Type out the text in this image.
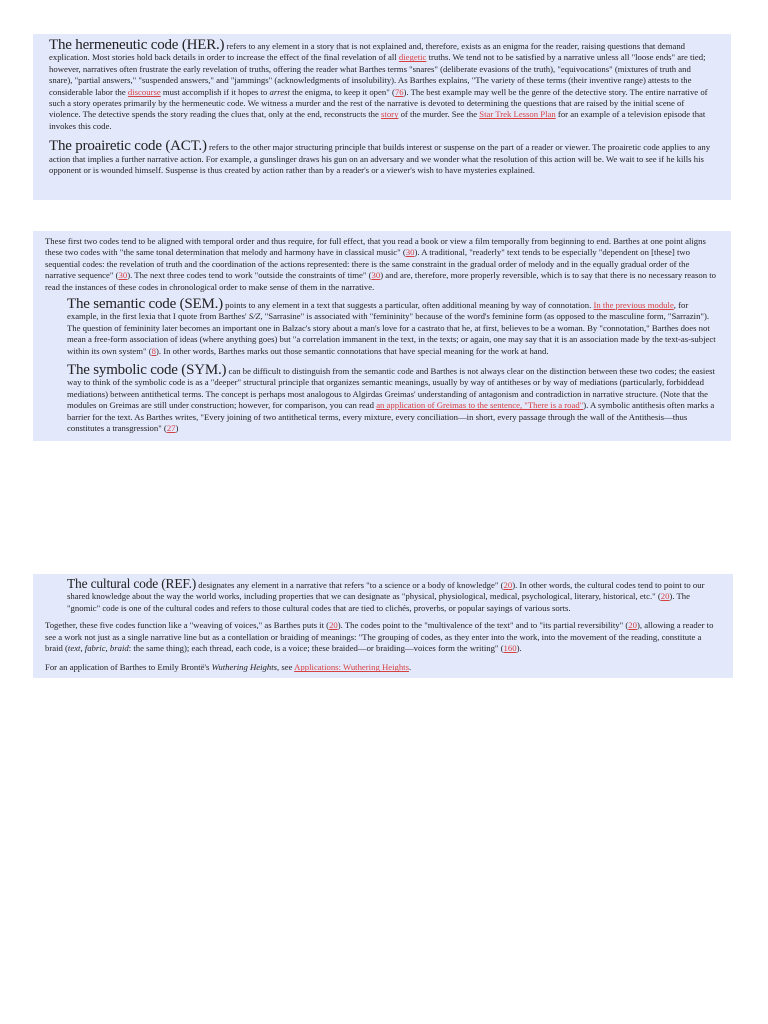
The hermeneutic code (HER.) refers to any element in a story that is not explained and, therefore, exists as an enigma for the reader, raising questions that demand explication. Most stories hold back details in order to increase the effect of the final revelation of all diegetic truths. We tend not to be satisfied by a narrative unless all "loose ends" are tied; however, narratives often frustrate the early revelation of truths, offering the reader what Barthes terms "snares" (deliberate evasions of the truth), "equivocations" (mixtures of truth and snare), "partial answers," "suspended answers," and "jammings" (acknowledgments of insolubility). As Barthes explains, "The variety of these terms (their inventive range) attests to the considerable labor the discourse must accomplish if it hopes to arrest the enigma, to keep it open" (76). The best example may well be the genre of the detective story. The entire narrative of such a story operates primarily by the hermeneutic code. We witness a murder and the rest of the narrative is devoted to determining the questions that are raised by the initial scene of violence. The detective spends the story reading the clues that, only at the end, reconstructs the story of the murder. See the Star Trek Lesson Plan for an example of a television episode that invokes this code.

The proairetic code (ACT.) refers to the other major structuring principle that builds interest or suspense on the part of a reader or viewer. The proairetic code applies to any action that implies a further narrative action. For example, a gunslinger draws his gun on an adversary and we wonder what the resolution of this action will be. We wait to see if he kills his opponent or is wounded himself. Suspense is thus created by action rather than by a reader's or a viewer's wish to have mysteries explained.

These first two codes tend to be aligned with temporal order and thus require, for full effect, that you read a book or view a film temporally from beginning to end. Barthes at one point aligns these two codes with "the same tonal determination that melody and harmony have in classical music" (30). A traditional, "readerly" text tends to be especially "dependent on [these] two sequential codes: the revelation of truth and the coordination of the actions represented: there is the same constraint in the gradual order of melody and in the equally gradual order of the narrative sequence" (30). The next three codes tend to work "outside the constraints of time" (30) and are, therefore, more properly reversible, which is to say that there is no necessary reason to read the instances of these codes in chronological order to make sense of them in the narrative.

The semantic code (SEM.) points to any element in a text that suggests a particular, often additional meaning by way of connotation. In the previous module, for example, in the first lexia that I quote from Barthes' S/Z, "Sarrasine" is associated with "femininity" because of the word's feminine form (as opposed to the masculine form, "Sarrazin"). The question of femininity later becomes an important one in Balzac's story about a man's love for a castrato that he, at first, believes to be a woman. By "connotation," Barthes does not mean a free-form association of ideas (where anything goes) but "a correlation immanent in the text, in the texts; or again, one may say that it is an association made by the text-as-subject within its own system" (8). In other words, Barthes marks out those semantic connotations that have special meaning for the work at hand.

The symbolic code (SYM.) can be difficult to distinguish from the semantic code and Barthes is not always clear on the distinction between these two codes; the easiest way to think of the symbolic code is as a "deeper" structural principle that organizes semantic meanings, usually by way of antitheses or by way of mediations (particularly, forbiddead mediations) between antithetical terms. The concept is perhaps most analogous to Algirdas Greimas' understanding of antagonism and contradiction in narrative structure. (Note that the modules on Greimas are still under construction; however, for comparison, you can read an application of Greimas to the sentence, "There is a road"). A symbolic antithesis often marks a barrier for the text. As Barthes writes, "Every joining of two antithetical terms, every mixture, every conciliation—in short, every passage through the wall of the Antithesis—thus constitutes a transgression" (27)

The cultural code (REF.) designates any element in a narrative that refers "to a science or a body of knowledge" (20). In other words, the cultural codes tend to point to our shared knowledge about the way the world works, including properties that we can designate as "physical, physiological, medical, psychological, literary, historical, etc." (20). The "gnomic" code is one of the cultural codes and refers to those cultural codes that are tied to clichés, proverbs, or popular sayings of various sorts.

Together, these five codes function like a "weaving of voices," as Barthes puts it (20). The codes point to the "multivalence of the text" and to "its partial reversibility" (20), allowing a reader to see a work not just as a single narrative line but as a contellation or braiding of meanings: "The grouping of codes, as they enter into the work, into the movement of the reading, constitute a braid (text, fabric, braid: the same thing); each thread, each code, is a voice; these braided—or braiding—voices form the writing" (160).

For an application of Barthes to Emily Brontë's Wuthering Heights, see Applications: Wuthering Heights.
